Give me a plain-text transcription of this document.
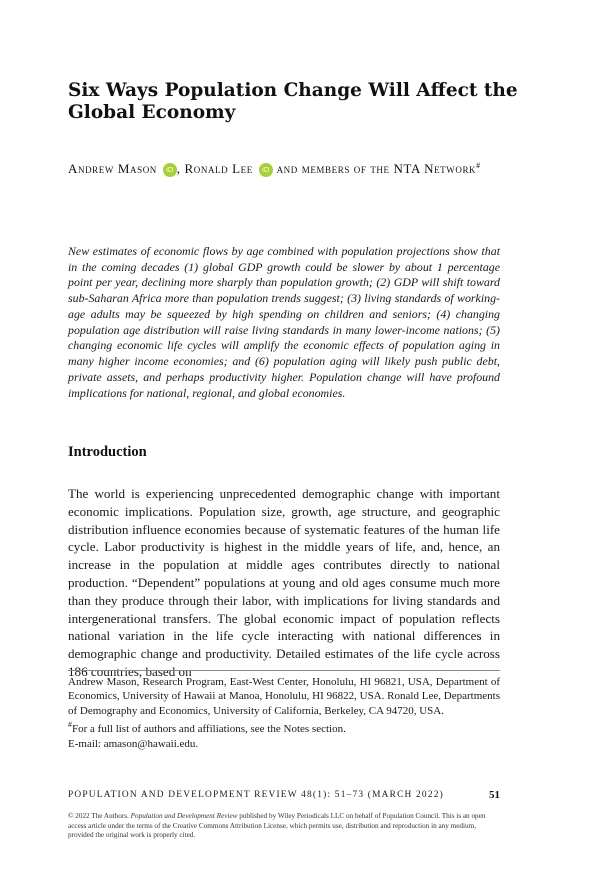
Six Ways Population Change Will Affect the Global Economy
Andrew Mason iD , Ronald Lee iD and members of the NTA Network#

New estimates of economic flows by age combined with population projections show that in the coming decades (1) global GDP growth could be slower by about 1 percentage point per year, declining more sharply than population growth; (2) GDP will shift toward sub-Saharan Africa more than population trends suggest; (3) living standards of working-age adults may be squeezed by high spending on children and seniors; (4) changing population age distribution will raise living standards in many lower-income nations; (5) changing economic life cycles will amplify the economic effects of population aging in many higher income economies; and (6) population aging will likely push public debt, private assets, and perhaps productivity higher. Population change will have profound implications for national, regional, and global economies.

Introduction

The world is experiencing unprecedented demographic change with important economic implications. Population size, growth, age structure, and geographic distribution influence economies because of systematic features of the human life cycle. Labor productivity is highest in the middle years of life, and, hence, an increase in the population at middle ages contributes directly to national production. “Dependent” populations at young and old ages consume much more than they produce through their labor, with implications for living standards and intergenerational transfers. The global economic impact of population reflects national variation in the life cycle interacting with national differences in demographic change and productivity. Detailed estimates of the life cycle across 186 countries, based on

Andrew Mason, Research Program, East-West Center, Honolulu, HI 96821, USA, Department of Economics, University of Hawaii at Manoa, Honolulu, HI 96822, USA. Ronald Lee, Departments of Demography and Economics, University of California, Berkeley, CA 94720, USA.
#For a full list of authors and affiliations, see the Notes section.
E-mail: amason@hawaii.edu.
POPULATION AND DEVELOPMENT REVIEW 48(1): 51–73 (MARCH 2022)	51
© 2022 The Authors. Population and Development Review published by Wiley Periodicals LLC on behalf of Population Council. This is an open access article under the terms of the Creative Commons Attribution License, which permits use, distribution and reproduction in any medium, provided the original work is properly cited.
